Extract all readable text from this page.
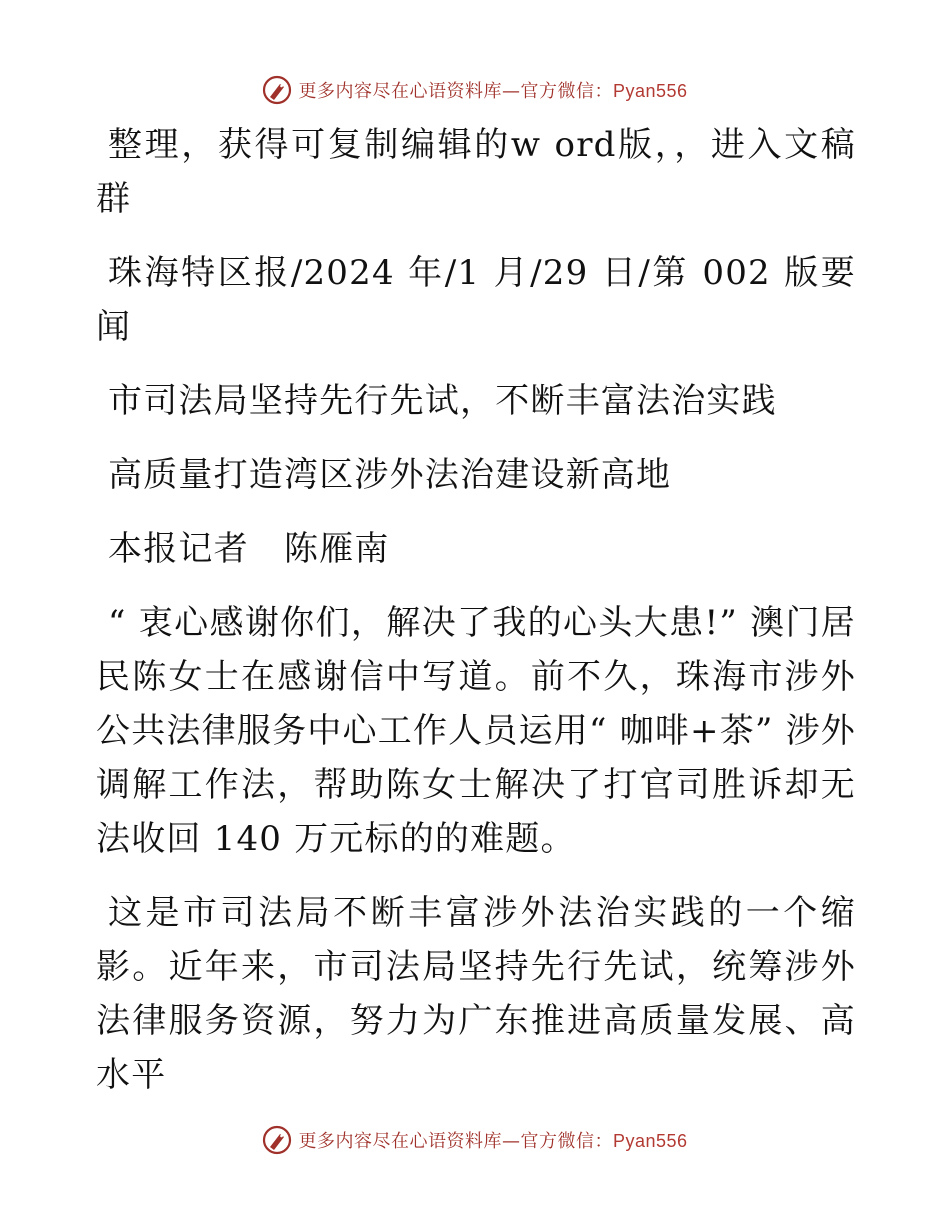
更多内容尽在心语资料库—官方微信：Pyan556

整理，获得可复制编辑的w ord版，，进入文稿群

珠海特区报/2024 年/1 月/29 日/第 002 版要闻

市司法局坚持先行先试，不断丰富法治实践

高质量打造湾区涉外法治建设新高地

本报记者　陈雁南

“ 衷心感谢你们，解决了我的心头大患!” 澳门居民陈女士在感谢信中写道。前不久，珠海市涉外公共法律服务中心工作人员运用“ 咖啡+茶” 涉外调解工作法，帮助陈女士解决了打官司胜诉却无法收回 140 万元标的的难题。

这是市司法局不断丰富涉外法治实践的一个缩影。近年来，市司法局坚持先行先试，统筹涉外法律服务资源，努力为广东推进高质量发展、高水平

更多内容尽在心语资料库—官方微信：Pyan556
